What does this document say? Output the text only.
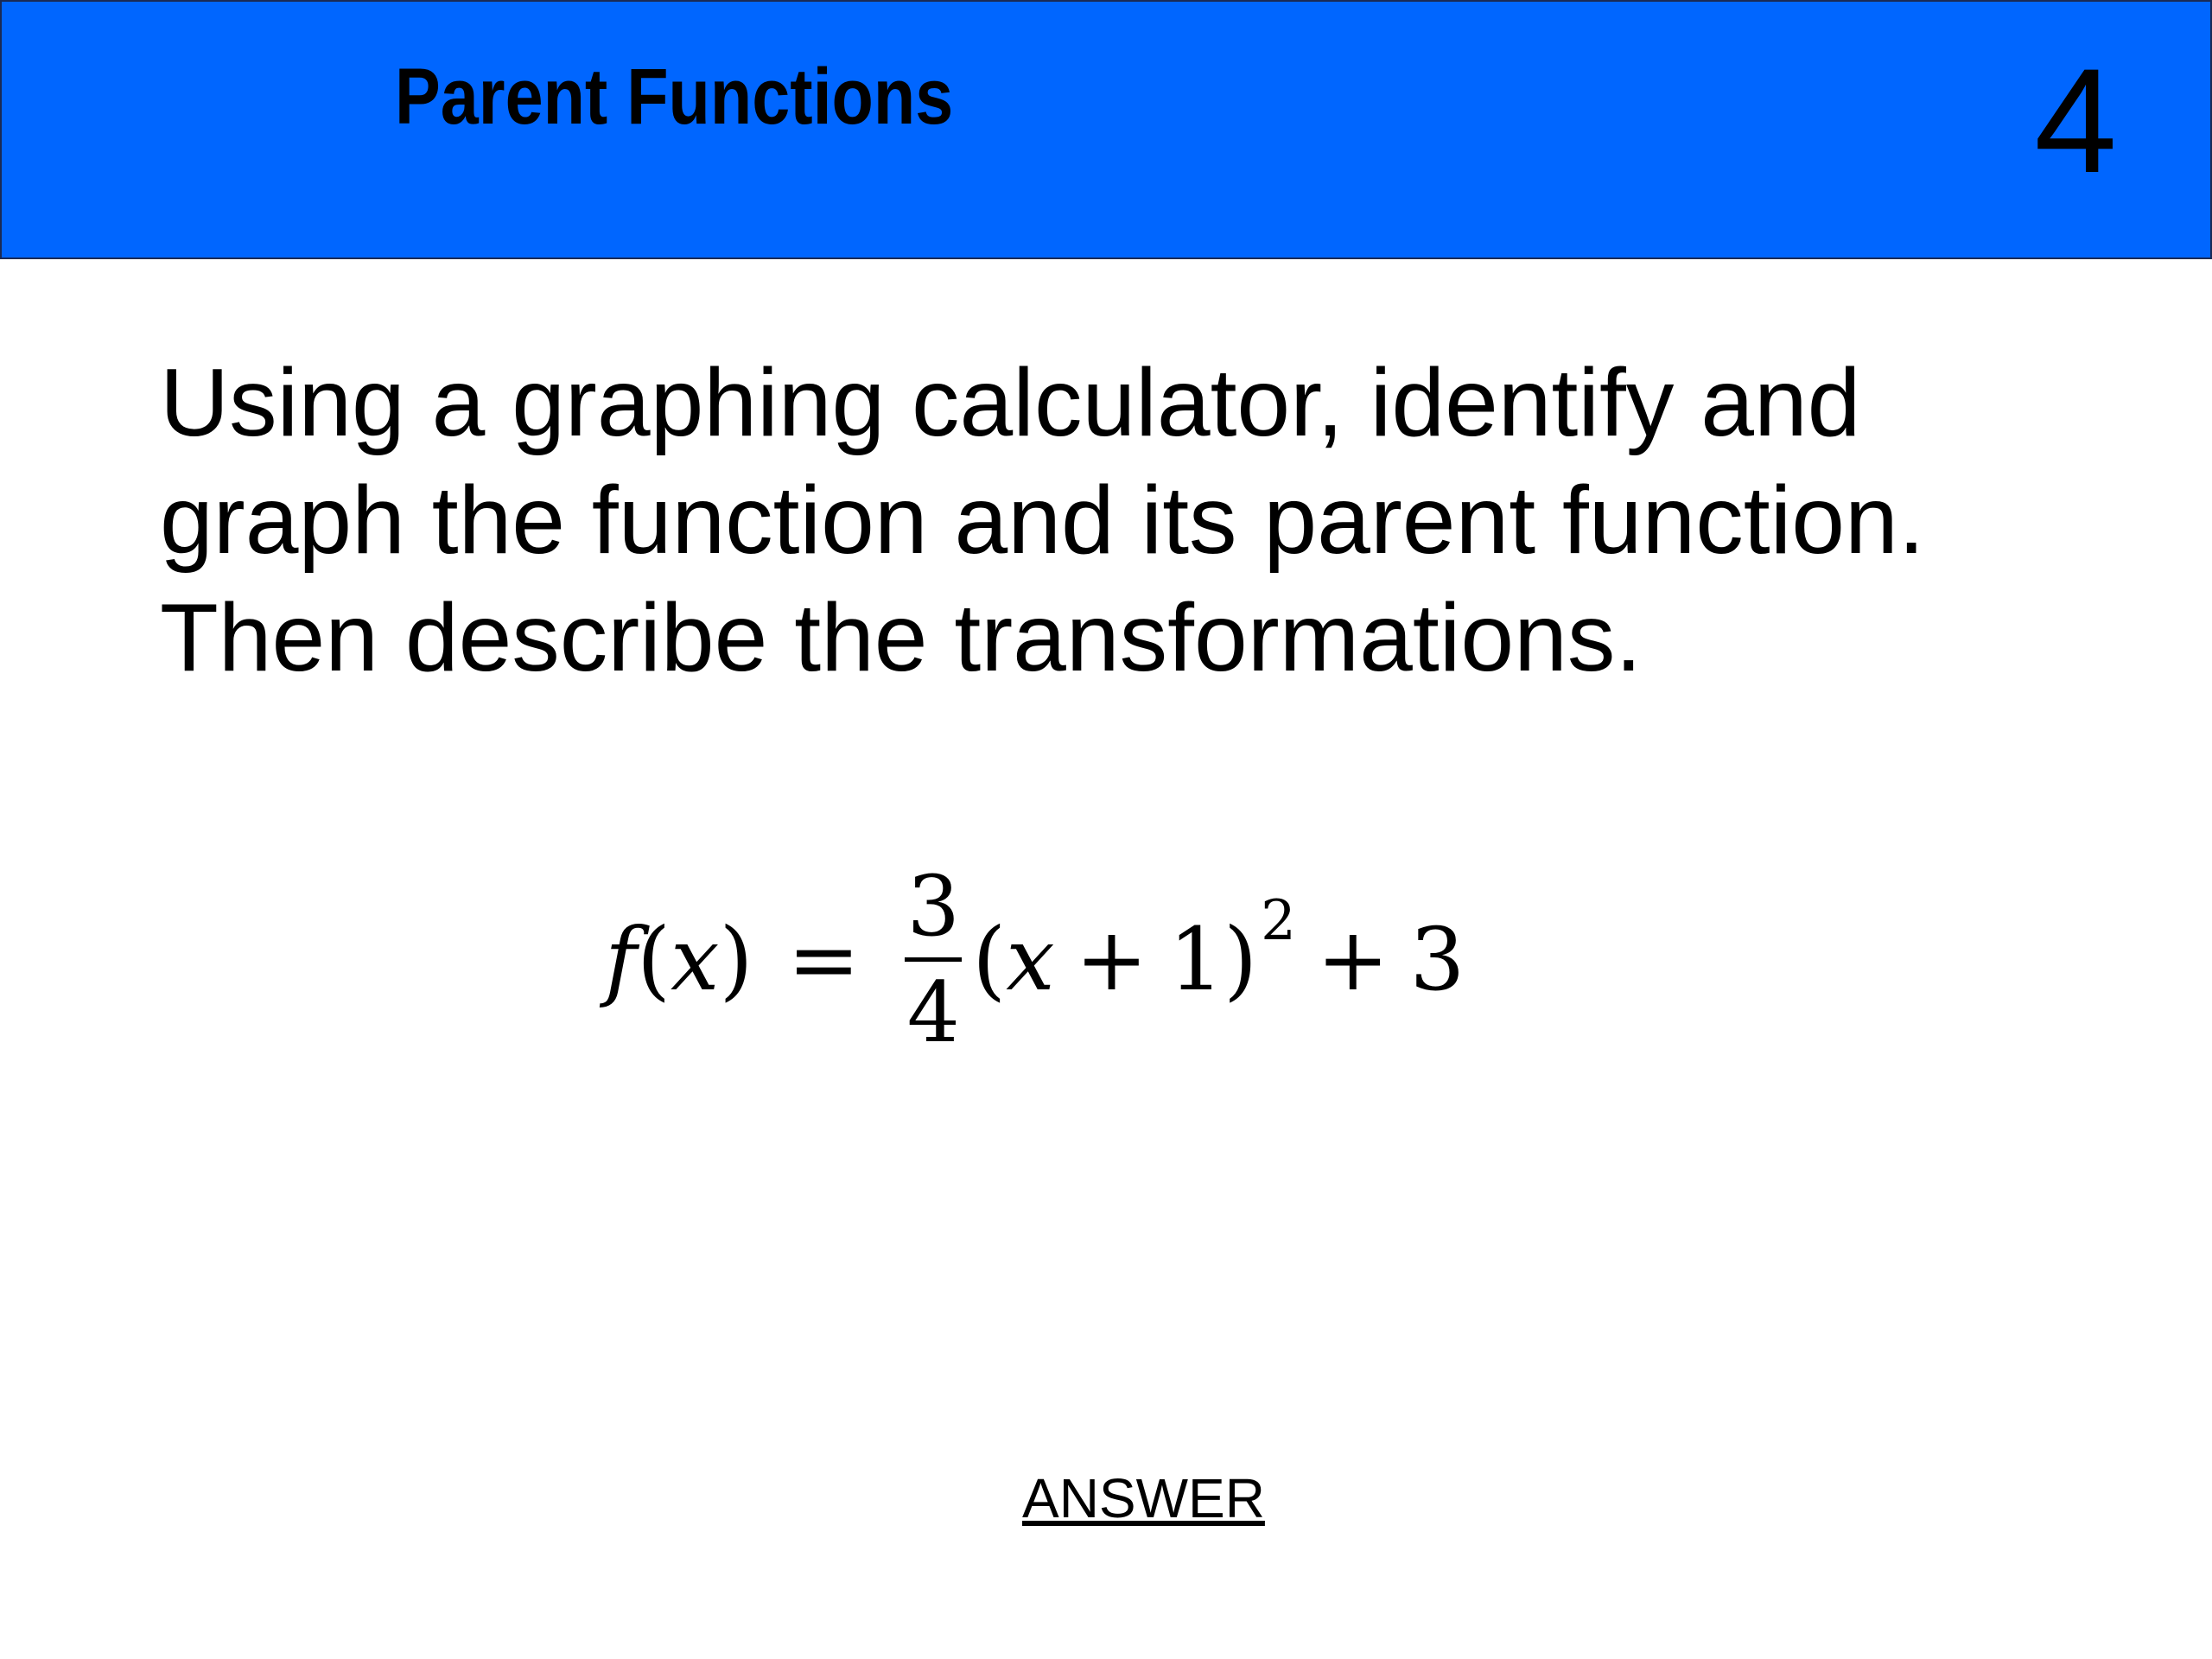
Parent Functions	4
Using a graphing calculator, identify and
graph the function and its parent function.
Then describe the transformations.
f ( x ) =
3
4
( x + 1 ) 2 + 3
ANSWER
